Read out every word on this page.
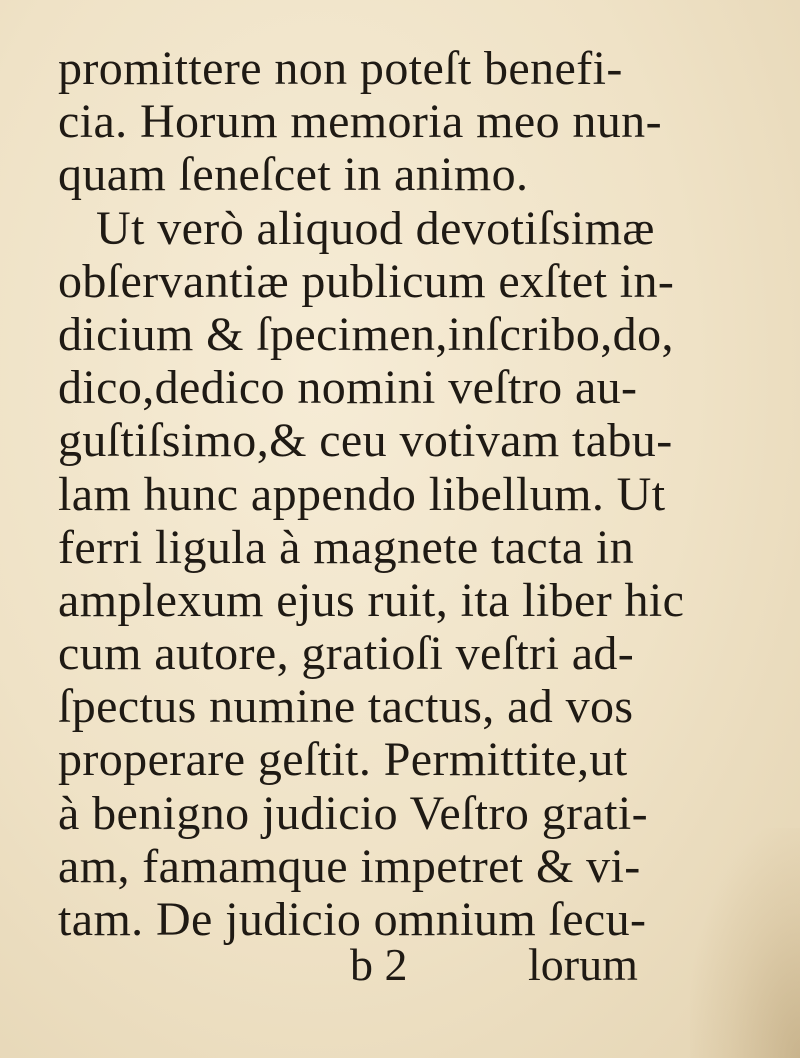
promittere non poteſt benefi-
cia. Horum memoria meo nun-
quam ſeneſcet in animo.
Ut verò aliquod devotiſsimæ
obſervantiæ publicum exſtet in-
dicium & ſpecimen,inſcribo,do,
dico,dedico nomini veſtro au-
guſtiſsimo,& ceu votivam tabu-
lam hunc appendo libellum. Ut
ferri ligula à magnete tacta in
amplexum ejus ruit, ita liber hic
cum autore, gratioſi veſtri ad-
ſpectus numine tactus, ad vos
properare geſtit. Permittite,ut
à benigno judicio Veſtro grati-
am, famamque impetret & vi-
tam. De judicio omnium ſecu-
b 2	lorum
